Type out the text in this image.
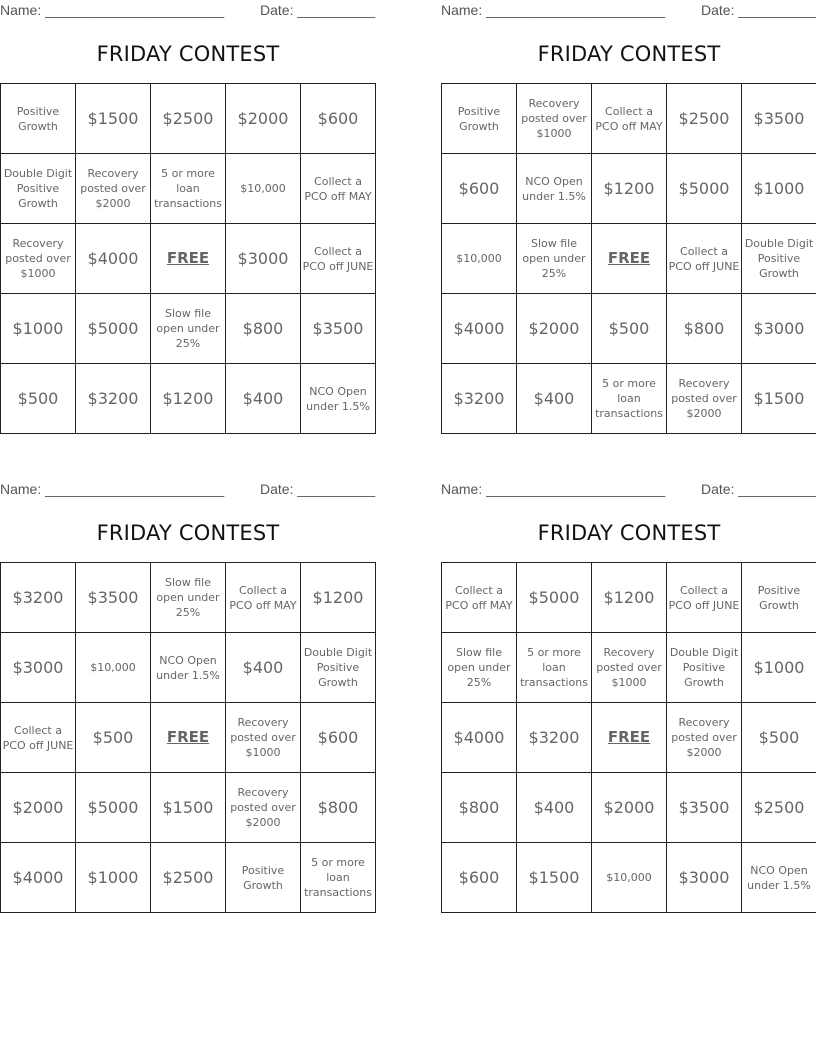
Name: _______________________	Date: __________
FRIDAY CONTEST
Positive Growth	$1500	$2500	$2000	$600

Double Digit Positive Growth	Recovery posted over $2000	5 or more loan transactions	$10,000	Collect a PCO off MAY

Recovery posted over $1000	$4000	FREE	$3000	Collect a PCO off JUNE

$1000	$5000	Slow file open under 25%	$800	$3500

$500	$3200	$1200	$400	NCO Open under 1.5%
Name: _______________________	Date: __________
FRIDAY CONTEST
Positive Growth	Recovery posted over $1000	Collect a PCO off MAY	$2500	$3500

$600	NCO Open under 1.5%	$1200	$5000	$1000

$10,000	Slow file open under 25%	FREE	Collect a PCO off JUNE	Double Digit Positive Growth

$4000	$2000	$500	$800	$3000

$3200	$400	5 or more loan transactions	Recovery posted over $2000	$1500
Name: _______________________	Date: __________
FRIDAY CONTEST
$3200	$3500	Slow file open under 25%	Collect a PCO off MAY	$1200

$3000	$10,000	NCO Open under 1.5%	$400	Double Digit Positive Growth

Collect a PCO off JUNE	$500	FREE	Recovery posted over $1000	$600

$2000	$5000	$1500	Recovery posted over $2000	$800

$4000	$1000	$2500	Positive Growth	5 or more loan transactions
Name: _______________________	Date: __________
FRIDAY CONTEST
Collect a PCO off MAY	$5000	$1200	Collect a PCO off JUNE	Positive Growth

Slow file open under 25%	5 or more loan transactions	Recovery posted over $1000	Double Digit Positive Growth	$1000

$4000	$3200	FREE	Recovery posted over $2000	$500

$800	$400	$2000	$3500	$2500

$600	$1500	$10,000	$3000	NCO Open under 1.5%
